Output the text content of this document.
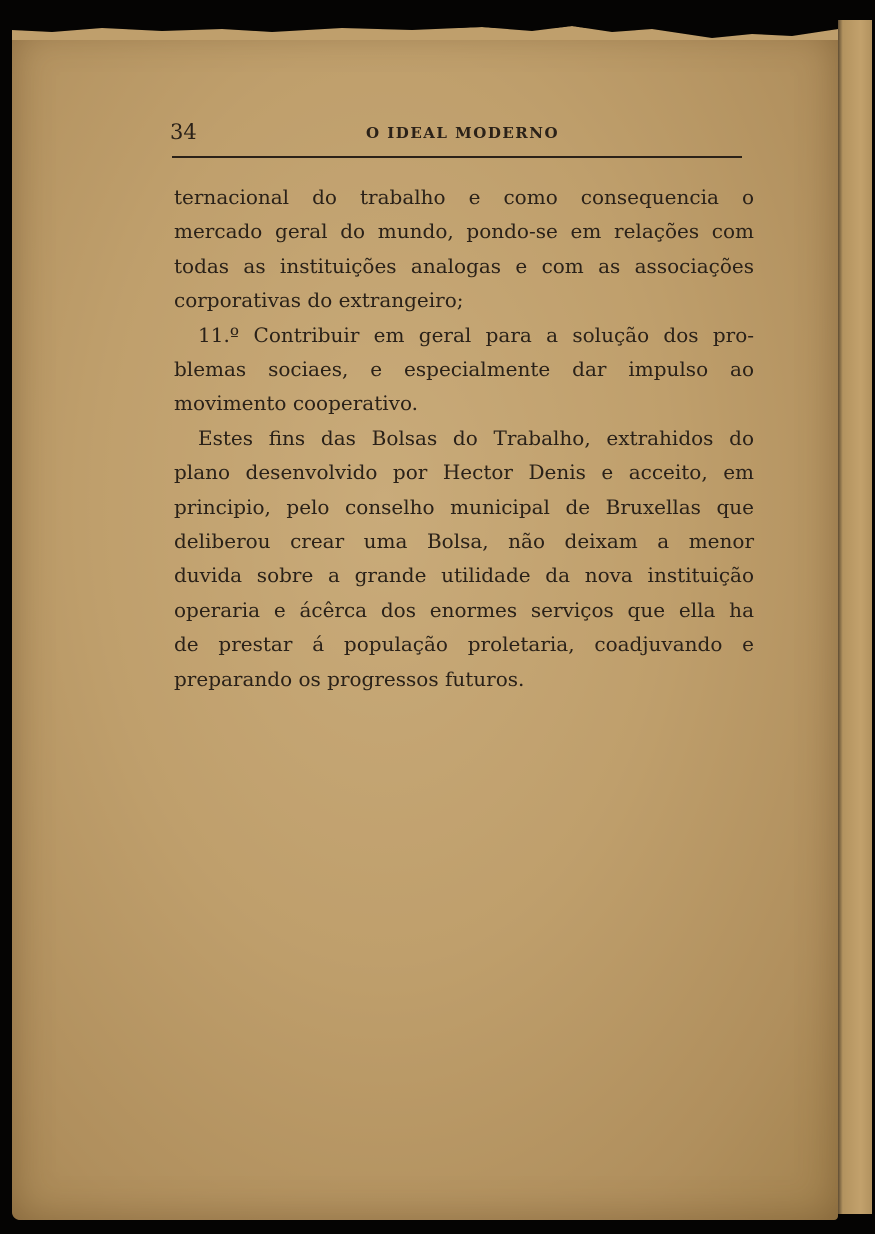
34	O IDEAL MODERNO
ternacional do trabalho e como consequencia o
mercado geral do mundo, pondo-se em relações com
todas as instituições analogas e com as associações
corporativas do extrangeiro;
11.º Contribuir em geral para a solução dos pro-
blemas sociaes, e especialmente dar impulso ao
movimento cooperativo.
Estes fins das Bolsas do Trabalho, extrahidos do
plano desenvolvido por Hector Denis e acceito, em
principio, pelo conselho municipal de Bruxellas que
deliberou crear uma Bolsa, não deixam a menor
duvida sobre a grande utilidade da nova instituição
operaria e ácêrca dos enormes serviços que ella ha
de prestar á população proletaria, coadjuvando e
preparando os progressos futuros.
